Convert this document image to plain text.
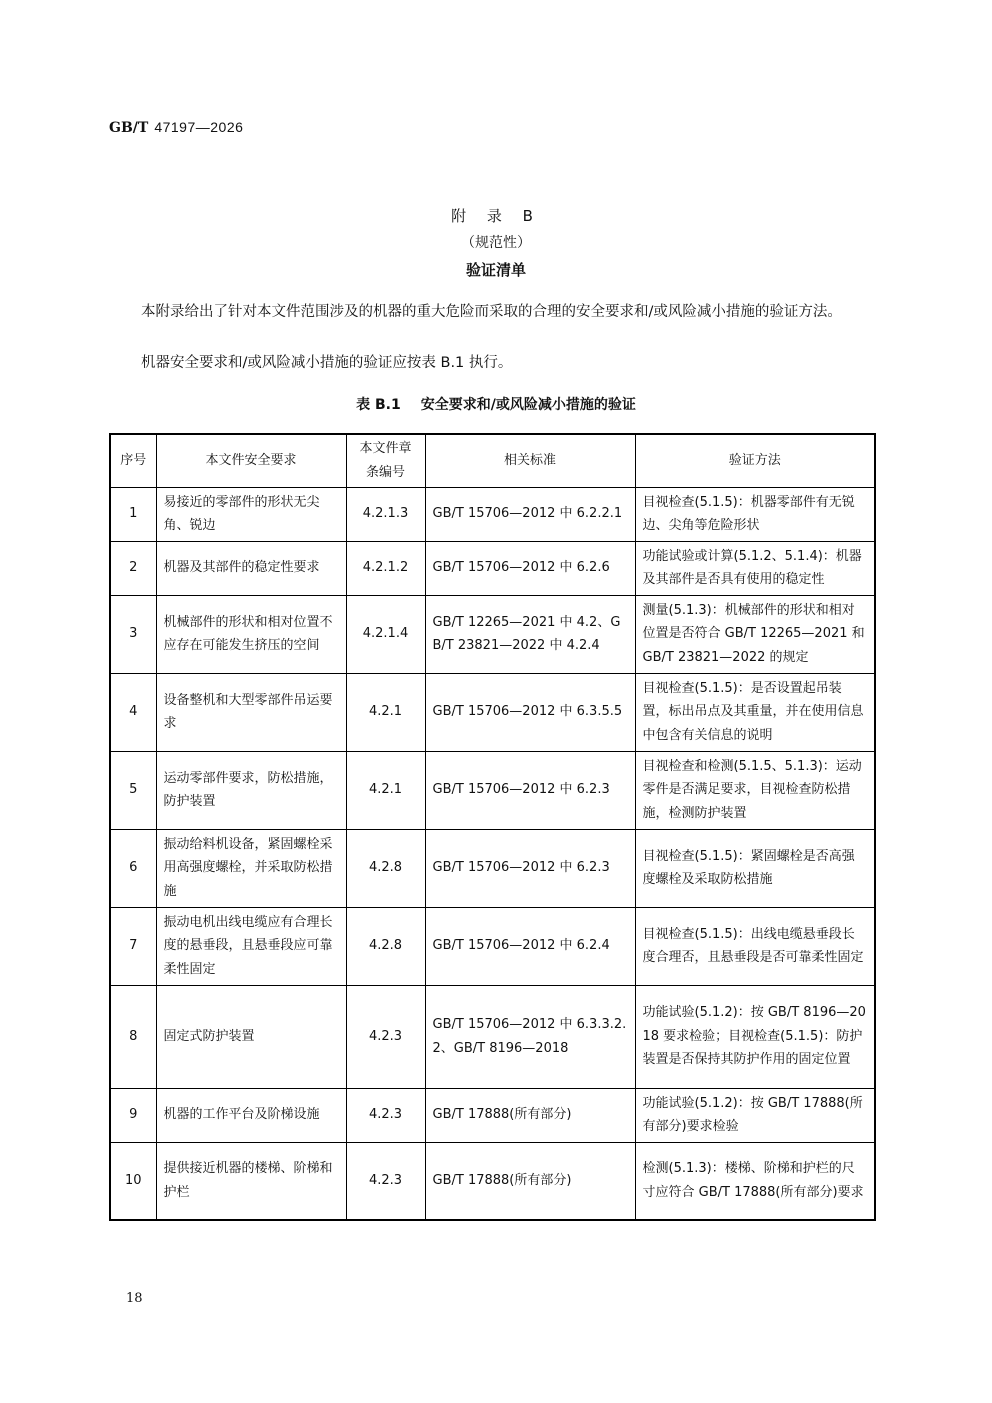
GB/T 47197—2026
附 录 B
（规范性）
验证清单
本附录给出了针对本文件范围涉及的机器的重大危险而采取的合理的安全要求和/或风险减小措施的验证方法。
机器安全要求和/或风险减小措施的验证应按表 B.1 执行。
表 B.1 安全要求和/或风险减小措施的验证
序号	本文件安全要求	本文件章条编号	相关标准	验证方法
1	易接近的零部件的形状无尖角、锐边	4.2.1.3	GB/T 15706—2012 中 6.2.2.1	目视检查(5.1.5)：机器零部件有无锐边、尖角等危险形状
2	机器及其部件的稳定性要求	4.2.1.2	GB/T 15706—2012 中 6.2.6	功能试验或计算(5.1.2、5.1.4)：机器及其部件是否具有使用的稳定性
3	机械部件的形状和相对位置不应存在可能发生挤压的空间	4.2.1.4	GB/T 12265—2021 中 4.2、GB/T 23821—2022 中 4.2.4	测量(5.1.3)：机械部件的形状和相对位置是否符合 GB/T 12265—2021 和 GB/T 23821—2022 的规定
4	设备整机和大型零部件吊运要求	4.2.1	GB/T 15706—2012 中 6.3.5.5	目视检查(5.1.5)：是否设置起吊装置，标出吊点及其重量，并在使用信息中包含有关信息的说明
5	运动零部件要求，防松措施，防护装置	4.2.1	GB/T 15706—2012 中 6.2.3	目视检查和检测(5.1.5、5.1.3)：运动零件是否满足要求，目视检查防松措施，检测防护装置
6	振动给料机设备，紧固螺栓采用高强度螺栓，并采取防松措施	4.2.8	GB/T 15706—2012 中 6.2.3	目视检查(5.1.5)：紧固螺栓是否高强度螺栓及采取防松措施
7	振动电机出线电缆应有合理长度的悬垂段，且悬垂段应可靠柔性固定	4.2.8	GB/T 15706—2012 中 6.2.4	目视检查(5.1.5)：出线电缆悬垂段长度合理否，且悬垂段是否可靠柔性固定
8	固定式防护装置	4.2.3	GB/T 15706—2012 中 6.3.3.2.2、GB/T 8196—2018	功能试验(5.1.2)：按 GB/T 8196—2018 要求检验；目视检查(5.1.5)：防护装置是否保持其防护作用的固定位置
9	机器的工作平台及阶梯设施	4.2.3	GB/T 17888(所有部分)	功能试验(5.1.2)：按 GB/T 17888(所有部分)要求检验
10	提供接近机器的楼梯、阶梯和护栏	4.2.3	GB/T 17888(所有部分)	检测(5.1.3)：楼梯、阶梯和护栏的尺寸应符合 GB/T 17888(所有部分)要求
18
